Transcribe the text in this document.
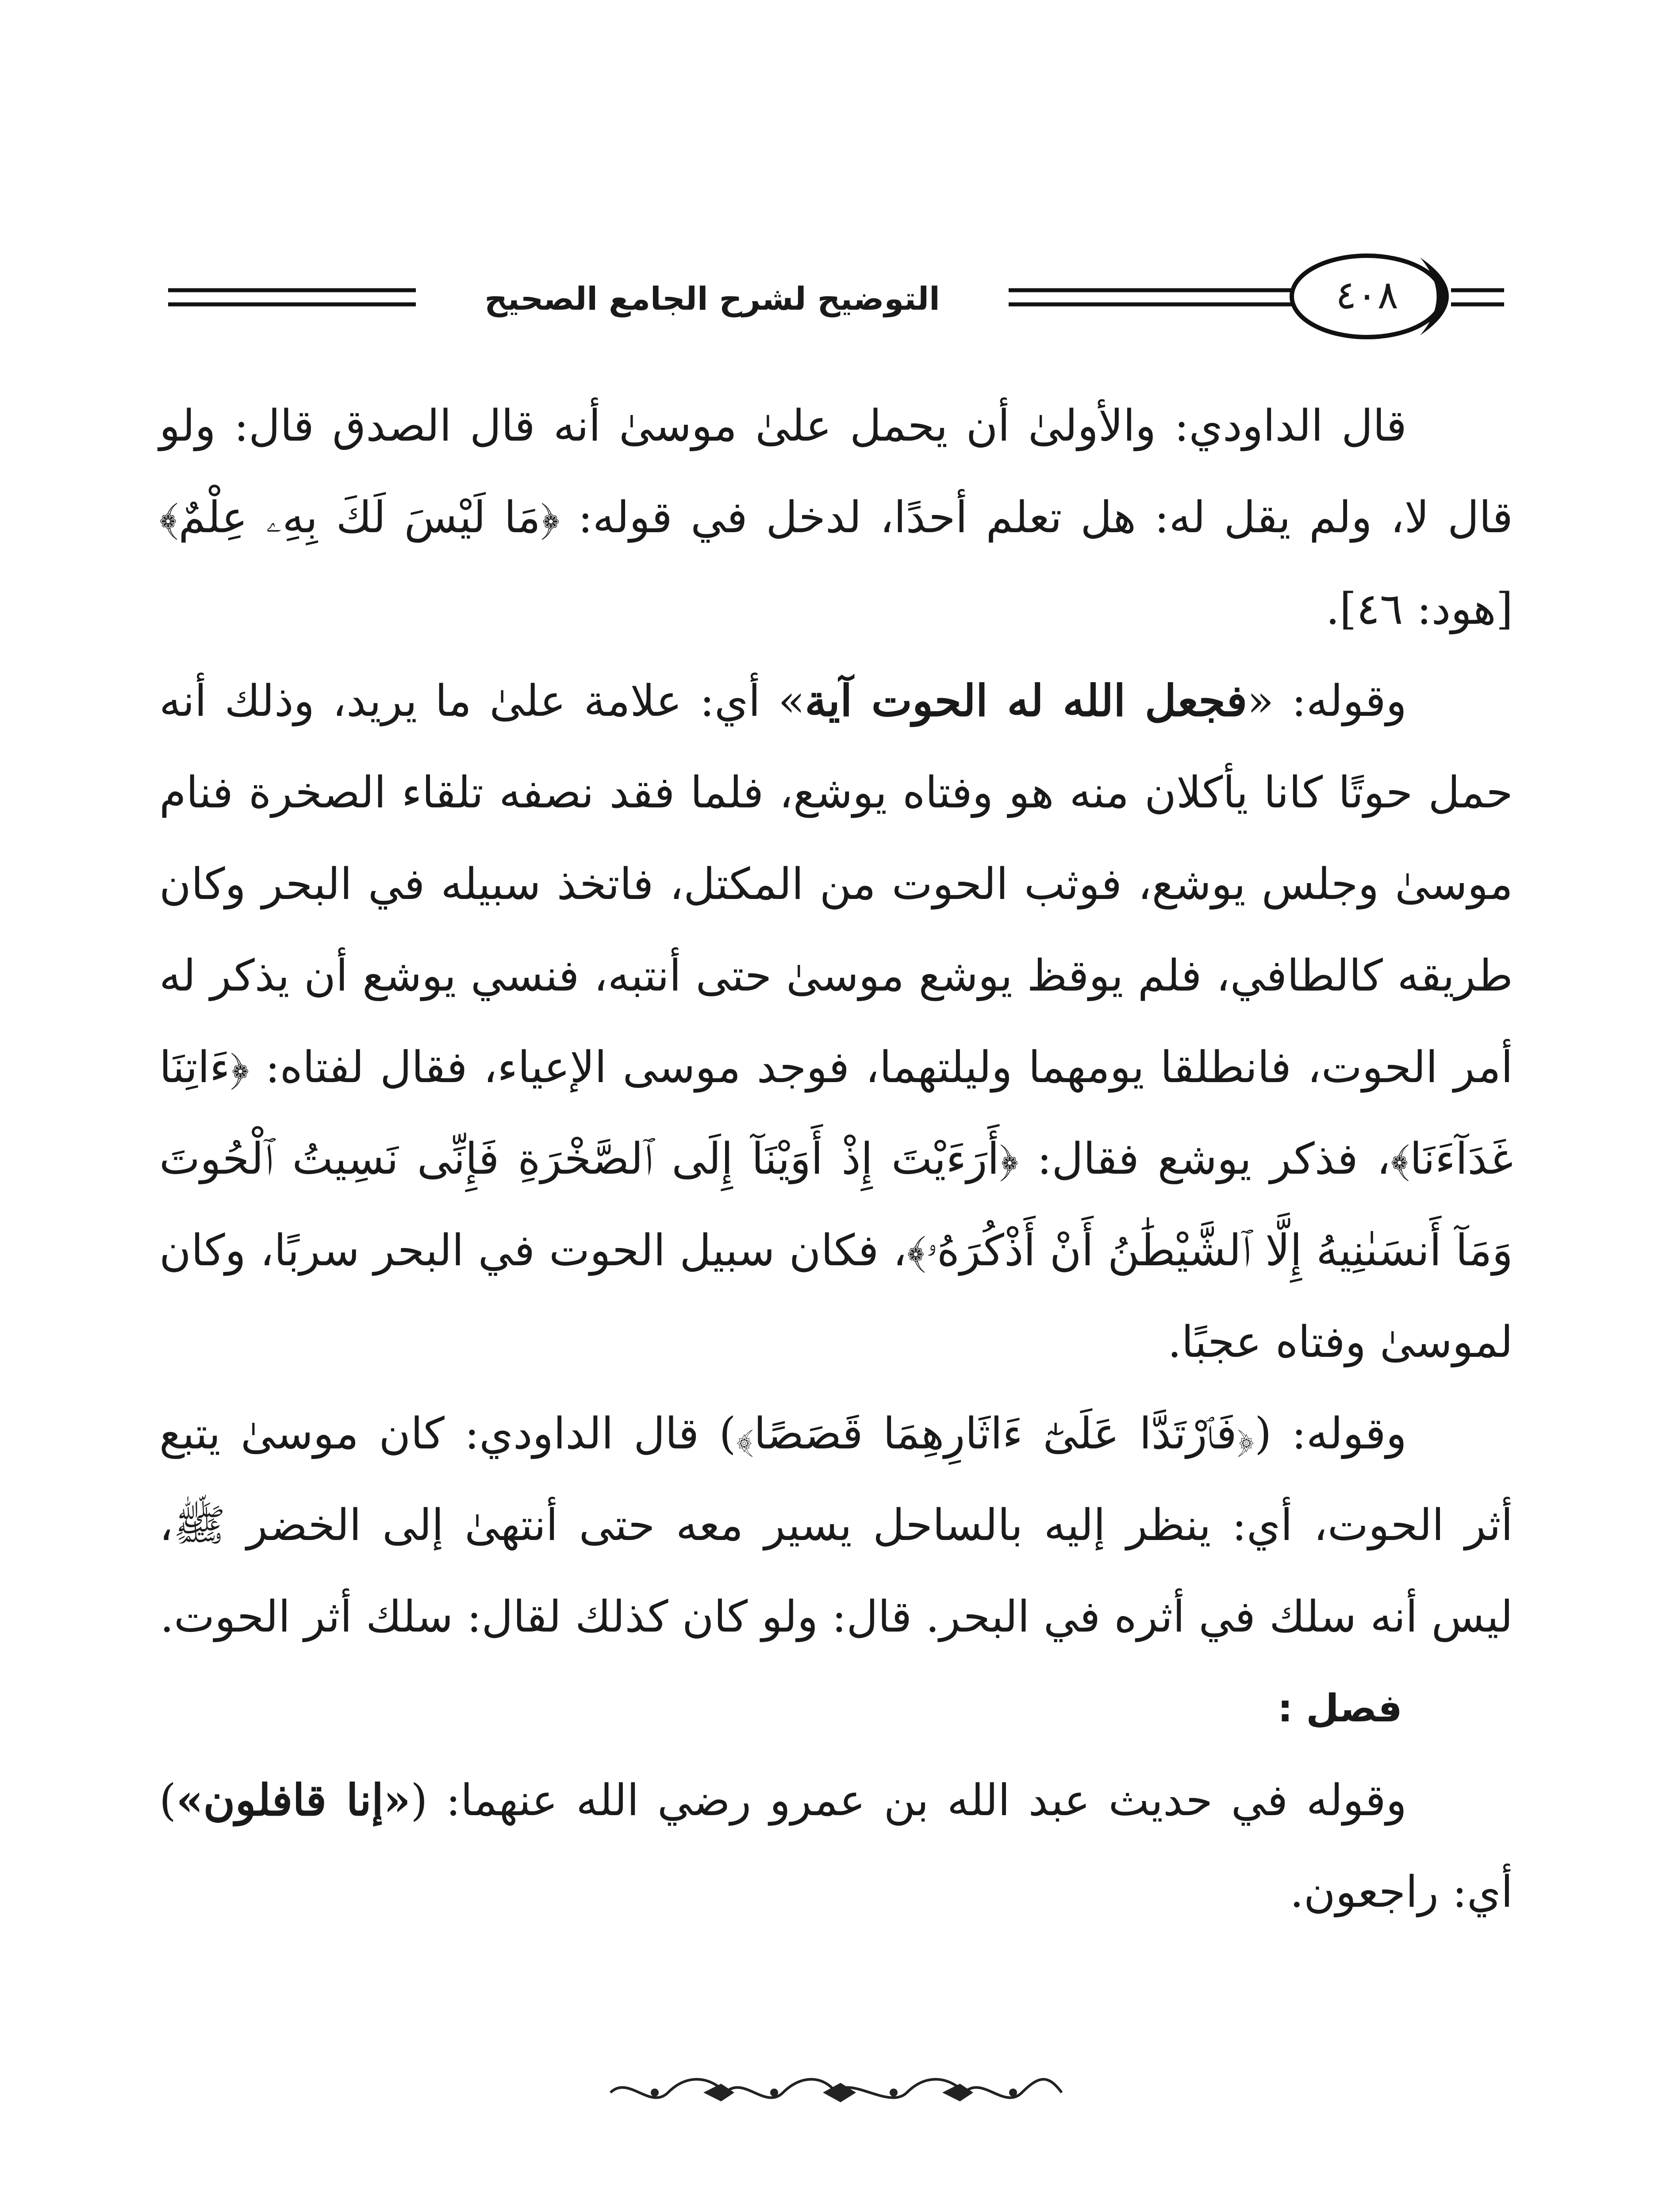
التوضيح لشرح الجامع الصحيح	٤٠٨

قال الداودي: والأولىٰ أن يحمل علىٰ موسىٰ أنه قال الصدق قال: ولو قال لا، ولم يقل له: هل تعلم أحدًا، لدخل في قوله: ﴿مَا لَيْسَ لَكَ بِهِۦ عِلْمٌ﴾ [هود: ٤٦].

وقوله: «فجعل الله له الحوت آية» أي: علامة علىٰ ما يريد، وذلك أنه حمل حوتًا كانا يأكلان منه هو وفتاه يوشع، فلما فقد نصفه تلقاء الصخرة فنام موسىٰ وجلس يوشع، فوثب الحوت من المكتل، فاتخذ سبيله في البحر وكان طريقه كالطافي، فلم يوقظ يوشع موسىٰ حتى أنتبه، فنسي يوشع أن يذكر له أمر الحوت، فانطلقا يومهما وليلتهما، فوجد موسى الإعياء، فقال لفتاه: ﴿ءَاتِنَا غَدَآءَنَا﴾، فذكر يوشع فقال: ﴿أَرَءَيْتَ إِذْ أَوَيْنَآ إِلَى ٱلصَّخْرَةِ فَإِنِّى نَسِيتُ ٱلْحُوتَ وَمَآ أَنسَىٰنِيهُ إِلَّا ٱلشَّيْطَٰنُ أَنْ أَذْكُرَهُۥ﴾، فكان سبيل الحوت في البحر سربًا، وكان لموسىٰ وفتاه عجبًا.

وقوله: (﴿فَٱرْتَدَّا عَلَىٰٓ ءَاثَارِهِمَا قَصَصًا﴾) قال الداودي: كان موسىٰ يتبع أثر الحوت، أي: ينظر إليه بالساحل يسير معه حتى أنتهىٰ إلى الخضر ﷺ، ليس أنه سلك في أثره في البحر. قال: ولو كان كذلك لقال: سلك أثر الحوت.

فصل :

وقوله في حديث عبد الله بن عمرو رضي الله عنهما: («إنا قافلون») أي: راجعون.
